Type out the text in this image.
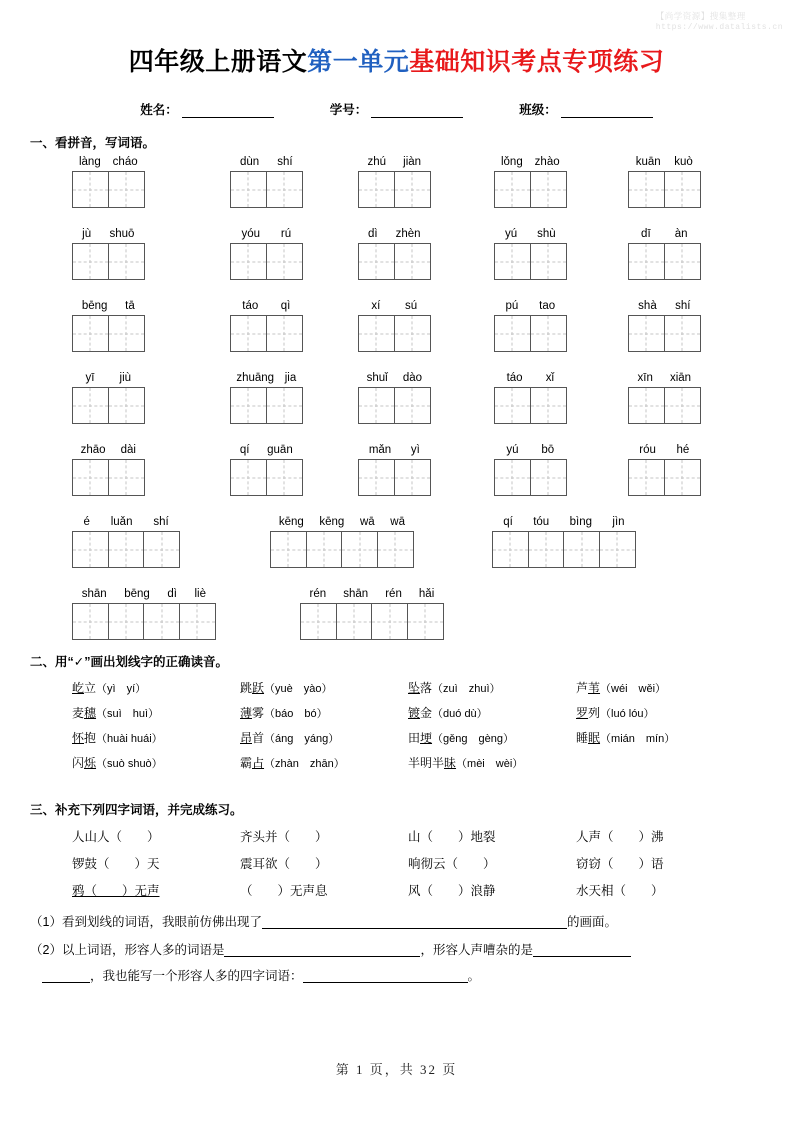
【尚学资源】搜集整理
https://www.datalists.cn
四年级上册语文第一单元基础知识考点专项练习
姓名：	学号：	班级：
一、看拼音，写词语。
làng cháo	dùn shí	zhú jiàn	lǒng zhào	kuān kuò
jù shuō	yóu rú	dì zhèn	yú shù	dī àn
bēng tā	táo qì	xí sú	pú tao	shà shí
yī jiù	zhuāng jia	shuǐ dào	táo xǐ	xīn xiān
zhāo dài	qí guān	mǎn yì	yú bō	róu hé
é luǎn shí	kēng kēng wā wā	qí tóu bìng jìn
shān bēng dì liè	rén shān rén hǎi
二、用“✓”画出划线字的正确读音。
屹立（yì　yí）	跳跃（yuè　yào）	坠落（zuì　zhuì）	芦苇（wéi　wěi）
麦穗（suì　huì）	薄雾（báo　bó）	镀金（duó dù）	罗列（luó lóu）
怀抱（huài huái）	昂首（áng　yáng）	田埂（gěng　gèng）	睡眠（mián　mín）
闪烁（suò shuò）	霸占（zhàn　zhān）	半明半昧（mèi　wèi）
三、补充下列四字词语，并完成练习。
人山人（　　）	齐头并（　　）	山（　　）地裂	人声（　　）沸
锣鼓（　　）天	震耳欲（　　）	响彻云（　　）	窃窃（　　）语
鸦（　　）无声	（　　）无声息	风（　　）浪静	水天相（　　）
（1）看到划线的词语，我眼前仿佛出现了	的画面。
（2）以上词语，形容人多的词语是	，形容人声嘈杂的是
，我也能写一个形容人多的四字词语：	。
第 1 页，共 32 页
